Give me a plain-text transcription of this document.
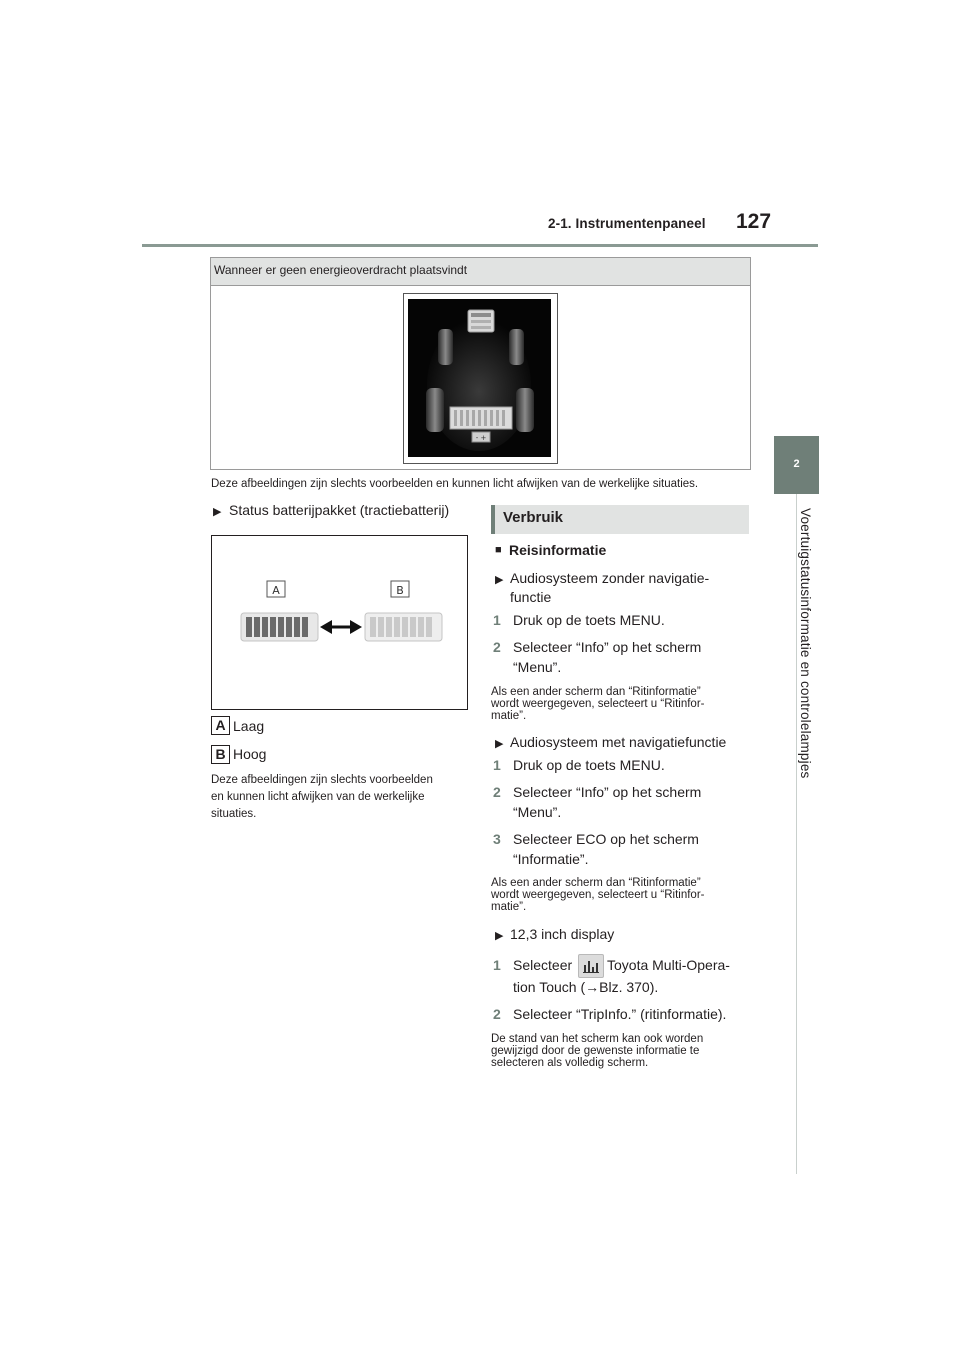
2-1. Instrumentenpaneel 127
2
Voertuigstatusinformatie en controlelampjes
Wanneer er geen energieoverdracht plaatsvindt
- +
Deze afbeeldingen zijn slechts voorbeelden en kunnen licht afwijken van de werkelijke situaties.
▶ Status batterijpakket (tractiebatterij)
A	B
A Laag
B Hoog
Deze afbeeldingen zijn slechts voorbeelden
en kunnen licht afwijken van de werkelijke
situaties.
Verbruik
■ Reisinformatie
▶ Audiosysteem zonder navigatie-
functie
1 Druk op de toets MENU.
2 Selecteer “Info” op het scherm
“Menu”.
Als een ander scherm dan “Ritinformatie”
wordt weergegeven, selecteert u “Ritinfor-
matie”.
▶ Audiosysteem met navigatiefunctie
1 Druk op de toets MENU.
2 Selecteer “Info” op het scherm
“Menu”.
3 Selecteer ECO op het scherm
“Informatie”.
Als een ander scherm dan “Ritinformatie”
wordt weergegeven, selecteert u “Ritinfor-
matie”.
▶ 12,3 inch display
1 Selecteer Toyota Multi-Opera-
tion Touch (→Blz. 370).
2 Selecteer “TripInfo.” (ritinformatie).
De stand van het scherm kan ook worden
gewijzigd door de gewenste informatie te
selecteren als volledig scherm.
